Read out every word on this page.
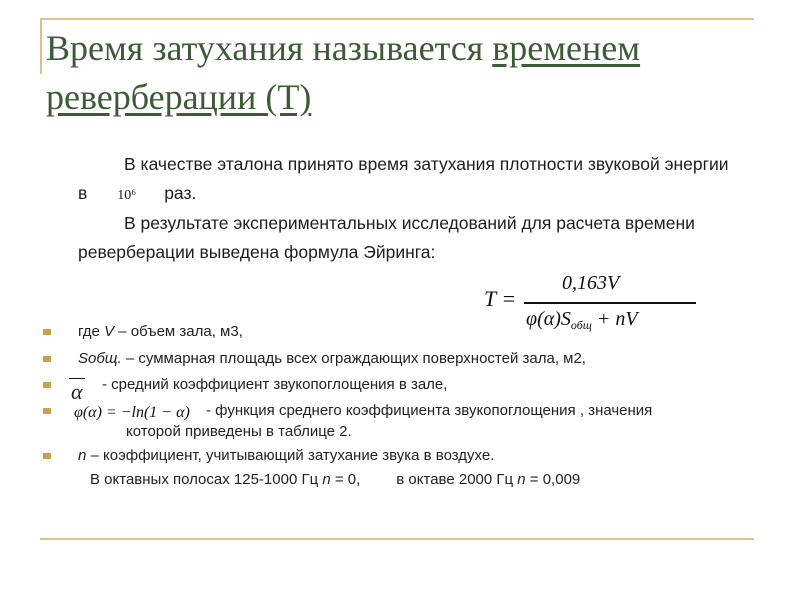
Время затухания называется временем реверберации (Т)
В качестве эталона принято время затухания плотности звуковой энергии в 10⁶ раз.
В результате экспериментальных исследований для расчета времени реверберации выведена формула Эйринга:
T =
0,163V
$\varphi(\alpha)S_{общ}$ + nV
где V – объем зала, м3,
Sобщ. – суммарная площадь всех ограждающих поверхностей зала, м2,
α - средний коэффициент звукопоглощения в зале,
φ(α) = −ln(1 − α) - функция среднего коэффициента звукопоглощения , значения
которой приведены в таблице 2.
n – коэффициент, учитывающий затухание звука в воздухе.
В октавных полосах 125-1000 Гц n = 0, в октаве 2000 Гц n = 0,009
